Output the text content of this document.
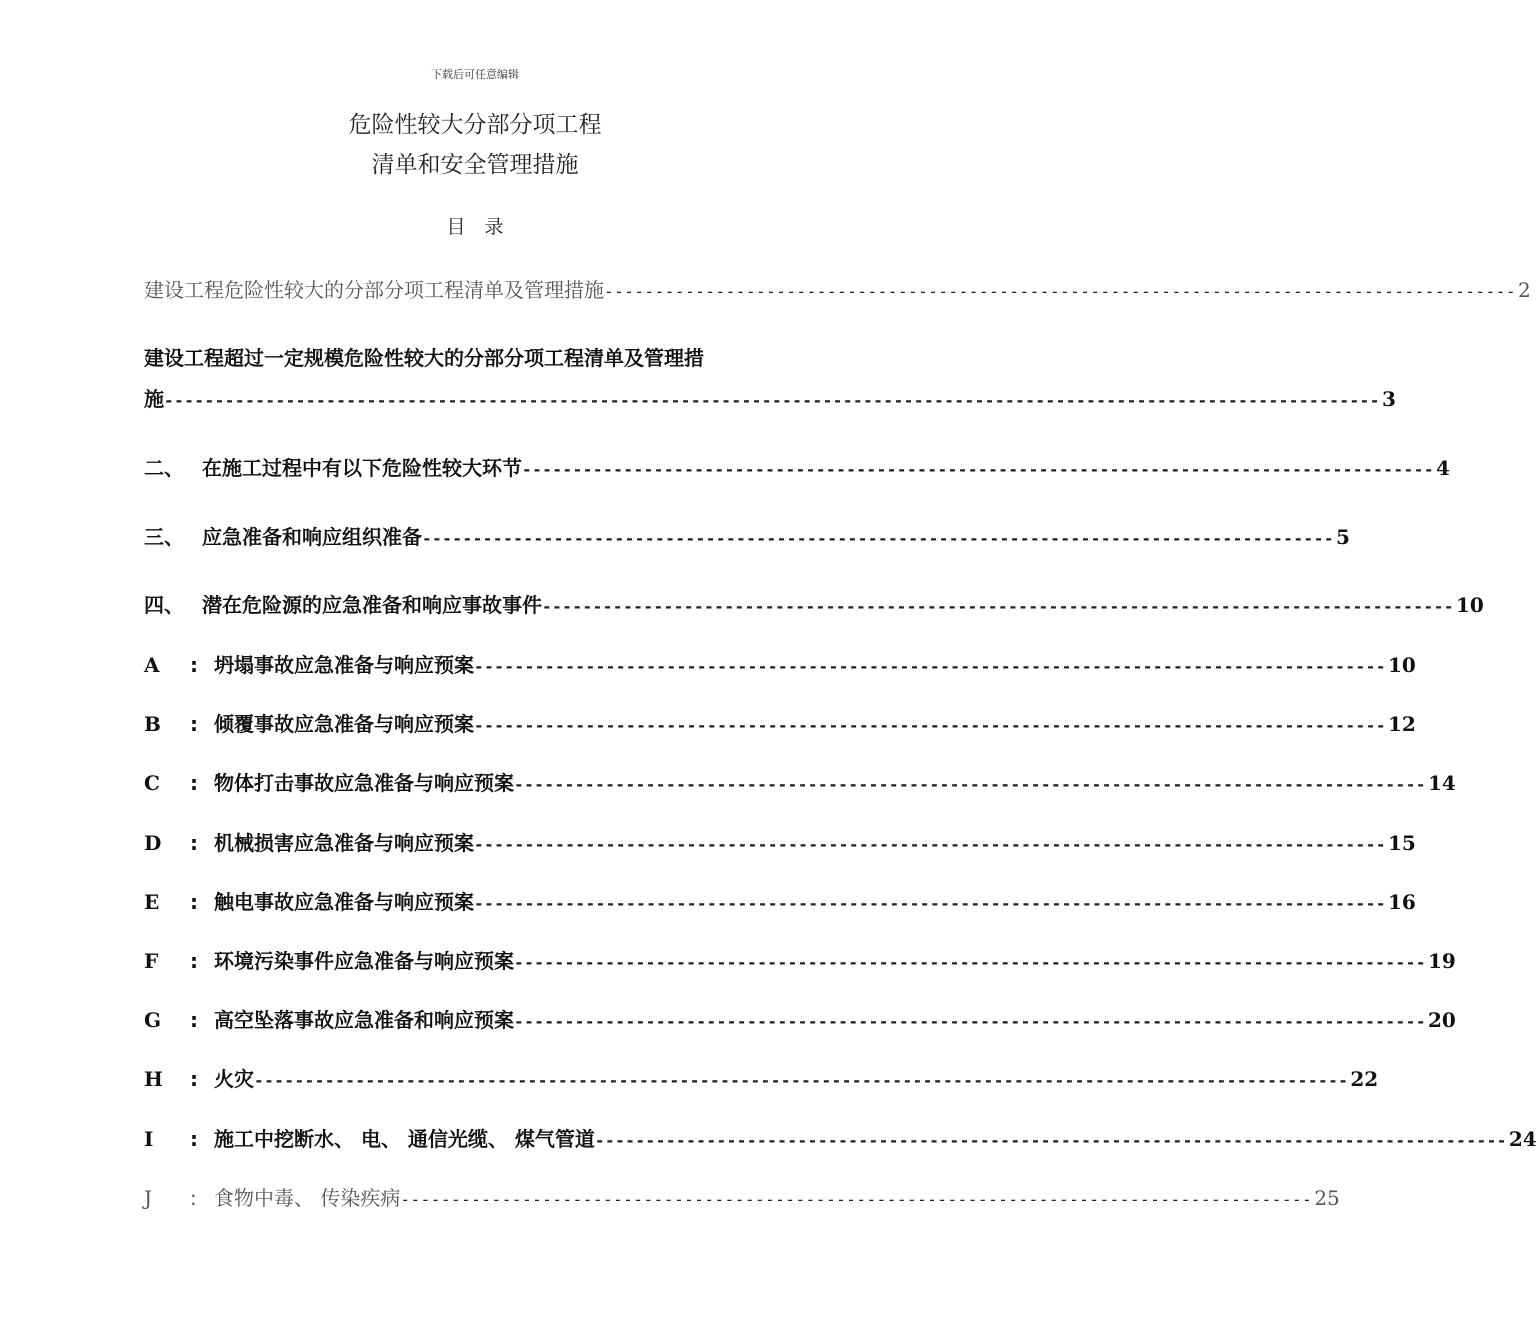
下载后可任意编辑
危险性较大分部分项工程
清单和安全管理措施
目　录
建设工程危险性较大的分部分项工程清单及管理措施 ------------------------------------------------------------------------------------------ 2
建设工程超过一定规模危险性较大的分部分项工程清单及管理措
施 ------------------------------------------------------------------------------------------------------------------------ 3
二、 在施工过程中有以下危险性较大环节 ------------------------------------------------------------------------------------------ 4
三、 应急准备和响应组织准备 ------------------------------------------------------------------------------------------ 5
四、 潜在危险源的应急准备和响应事故事件 ------------------------------------------------------------------------------------------ 10
A	: 坍塌事故应急准备与响应预案 ------------------------------------------------------------------------------------------ 10
B	: 倾覆事故应急准备与响应预案 ------------------------------------------------------------------------------------------ 12
C	: 物体打击事故应急准备与响应预案 ------------------------------------------------------------------------------------------ 14
D	: 机械损害应急准备与响应预案 ------------------------------------------------------------------------------------------ 15
E	: 触电事故应急准备与响应预案 ------------------------------------------------------------------------------------------ 16
F	: 环境污染事件应急准备与响应预案 ------------------------------------------------------------------------------------------ 19
G	: 高空坠落事故应急准备和响应预案 ------------------------------------------------------------------------------------------ 20
H	: 火灾 ------------------------------------------------------------------------------------------------------------ 22
I	: 施工中挖断水、 电、 通信光缆、 煤气管道 ------------------------------------------------------------------------------------------ 24
J	: 食物中毒、 传染疾病 ------------------------------------------------------------------------------------------ 25
